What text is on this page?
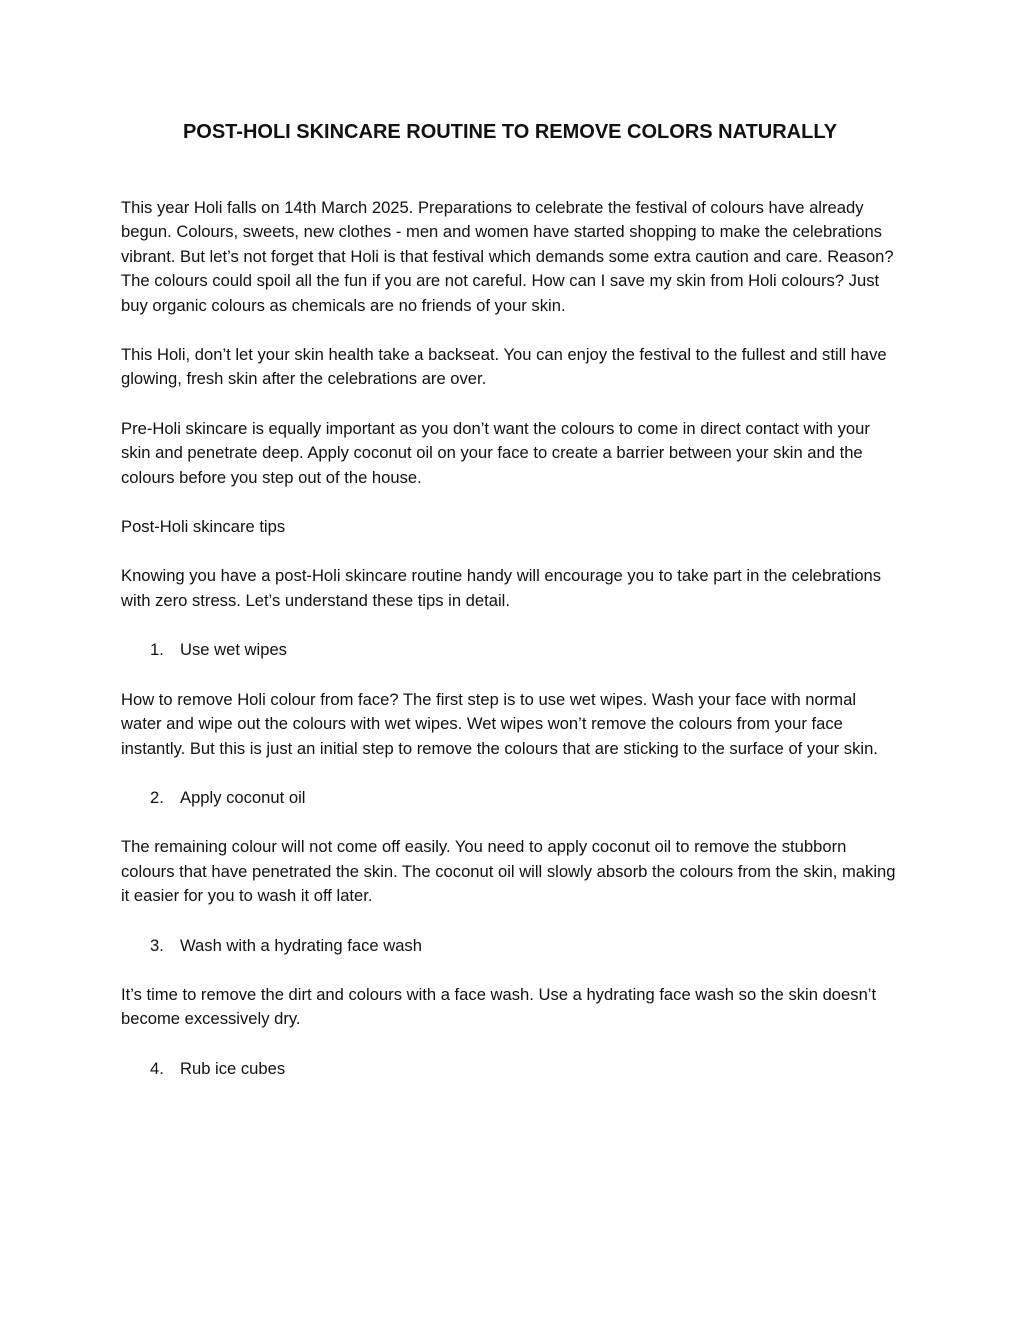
POST-HOLI SKINCARE ROUTINE TO REMOVE COLORS NATURALLY

This year Holi falls on 14th March 2025. Preparations to celebrate the festival of colours have already begun. Colours, sweets, new clothes - men and women have started shopping to make the celebrations vibrant. But let’s not forget that Holi is that festival which demands some extra caution and care. Reason? The colours could spoil all the fun if you are not careful. How can I save my skin from Holi colours? Just buy organic colours as chemicals are no friends of your skin.

This Holi, don’t let your skin health take a backseat. You can enjoy the festival to the fullest and still have glowing, fresh skin after the celebrations are over.

Pre-Holi skincare is equally important as you don’t want the colours to come in direct contact with your skin and penetrate deep. Apply coconut oil on your face to create a barrier between your skin and the colours before you step out of the house.

Post-Holi skincare tips

Knowing you have a post-Holi skincare routine handy will encourage you to take part in the celebrations with zero stress. Let’s understand these tips in detail.

1. Use wet wipes

How to remove Holi colour from face? The first step is to use wet wipes. Wash your face with normal water and wipe out the colours with wet wipes. Wet wipes won’t remove the colours from your face instantly. But this is just an initial step to remove the colours that are sticking to the surface of your skin.

2. Apply coconut oil

The remaining colour will not come off easily. You need to apply coconut oil to remove the stubborn colours that have penetrated the skin. The coconut oil will slowly absorb the colours from the skin, making it easier for you to wash it off later.

3. Wash with a hydrating face wash

It’s time to remove the dirt and colours with a face wash. Use a hydrating face wash so the skin doesn’t become excessively dry.

4. Rub ice cubes
